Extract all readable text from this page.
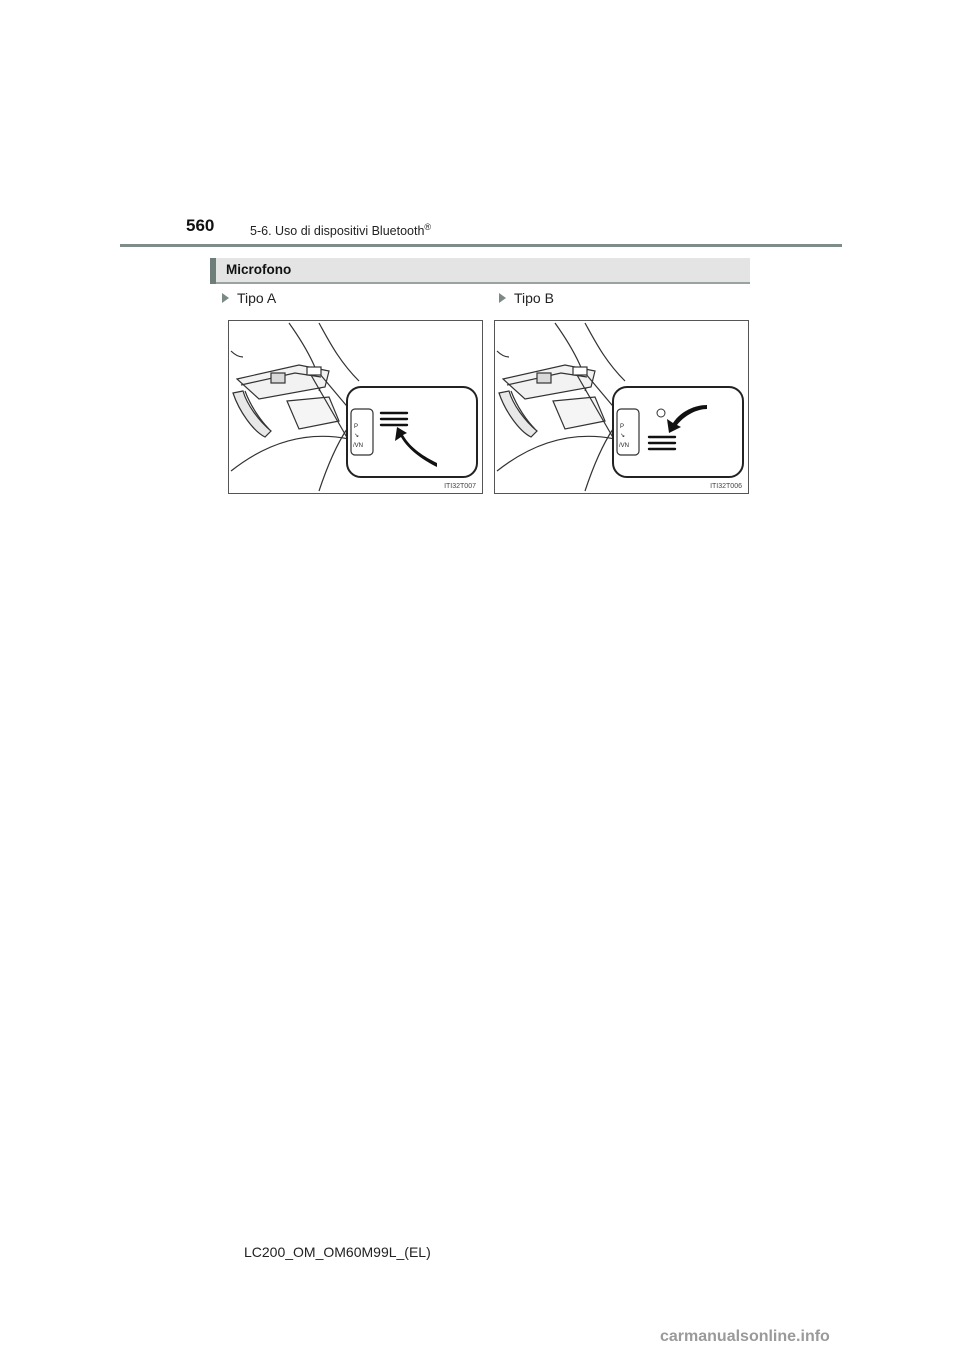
560	5-6. Uso di dispositivi Bluetooth®
Microfono
Tipo A	Tipo B
P
↘
/VN
ITI32T007
P
↘
/VN
ITI32T006
LC200_OM_OM60M99L_(EL)
carmanualsonline.info
